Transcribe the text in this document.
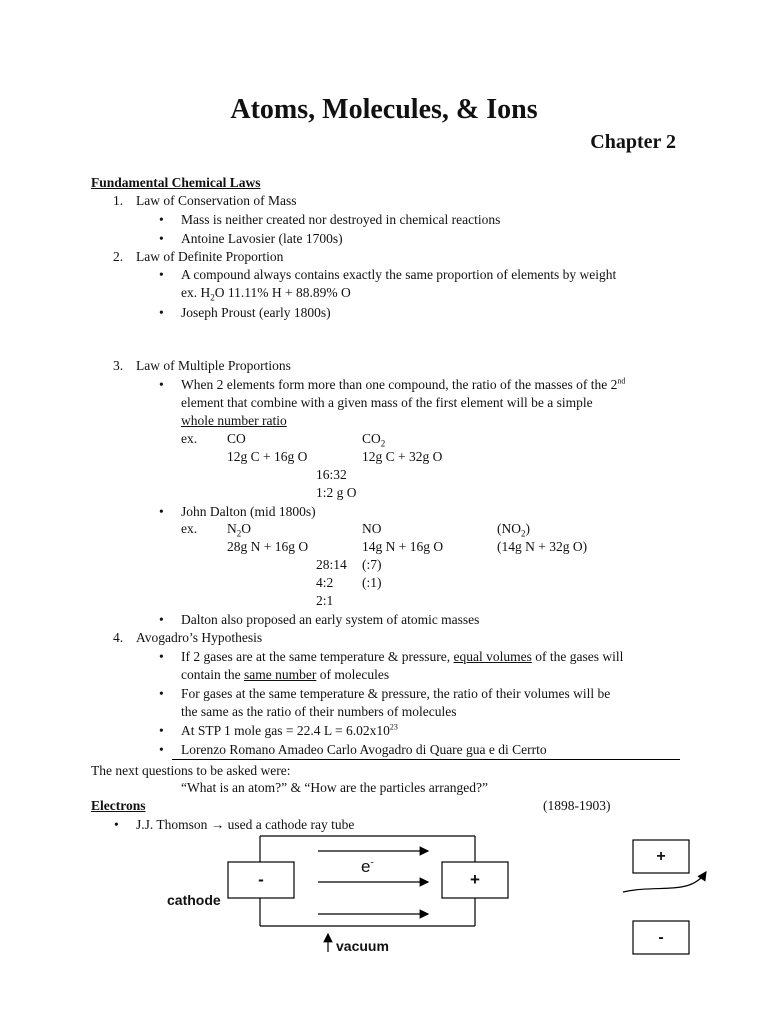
Atoms, Molecules, & Ions
Chapter 2
Fundamental Chemical Laws
1. Law of Conservation of Mass
• Mass is neither created nor destroyed in chemical reactions
• Antoine Lavosier (late 1700s)
2. Law of Definite Proportion
• A compound always contains exactly the same proportion of elements by weight
ex. $H_2O$ 11.11% H + 88.89% O
• Joseph Proust (early 1800s)
3. Law of Multiple Proportions
• When 2 elements form more than one compound, the ratio of the masses of the 2nd
element that combine with a given mass of the first element will be a simple
whole number ratio
ex. CO	$CO_2$
12g C + 16g O	12g C + 32g O
16:32
1:2 g O
• John Dalton (mid 1800s)
ex. $N_2O$	NO	$(NO_2)$
28g N + 16g O	14g N + 16g O	(14g N + 32g O)
28:14 (:7)
4:2 (:1)
2:1
• Dalton also proposed an early system of atomic masses
4. Avogadro’s Hypothesis
• If 2 gases are at the same temperature & pressure, equal volumes of the gases will
contain the same number of molecules
• For gases at the same temperature & pressure, the ratio of their volumes will be
the same as the ratio of their numbers of molecules
• At STP 1 mole gas = 22.4 $L = 6.02x10^{23}$
• Lorenzo Romano Amadeo Carlo Avogadro di Quare gua e di Cerrto
The next questions to be asked were:
“What is an atom?” & “How are the particles arranged?”
Electrons	(1898-1903)
• J.J. Thomson → used a cathode ray tube
-	+
e-
cathode
vacuum
+
-
